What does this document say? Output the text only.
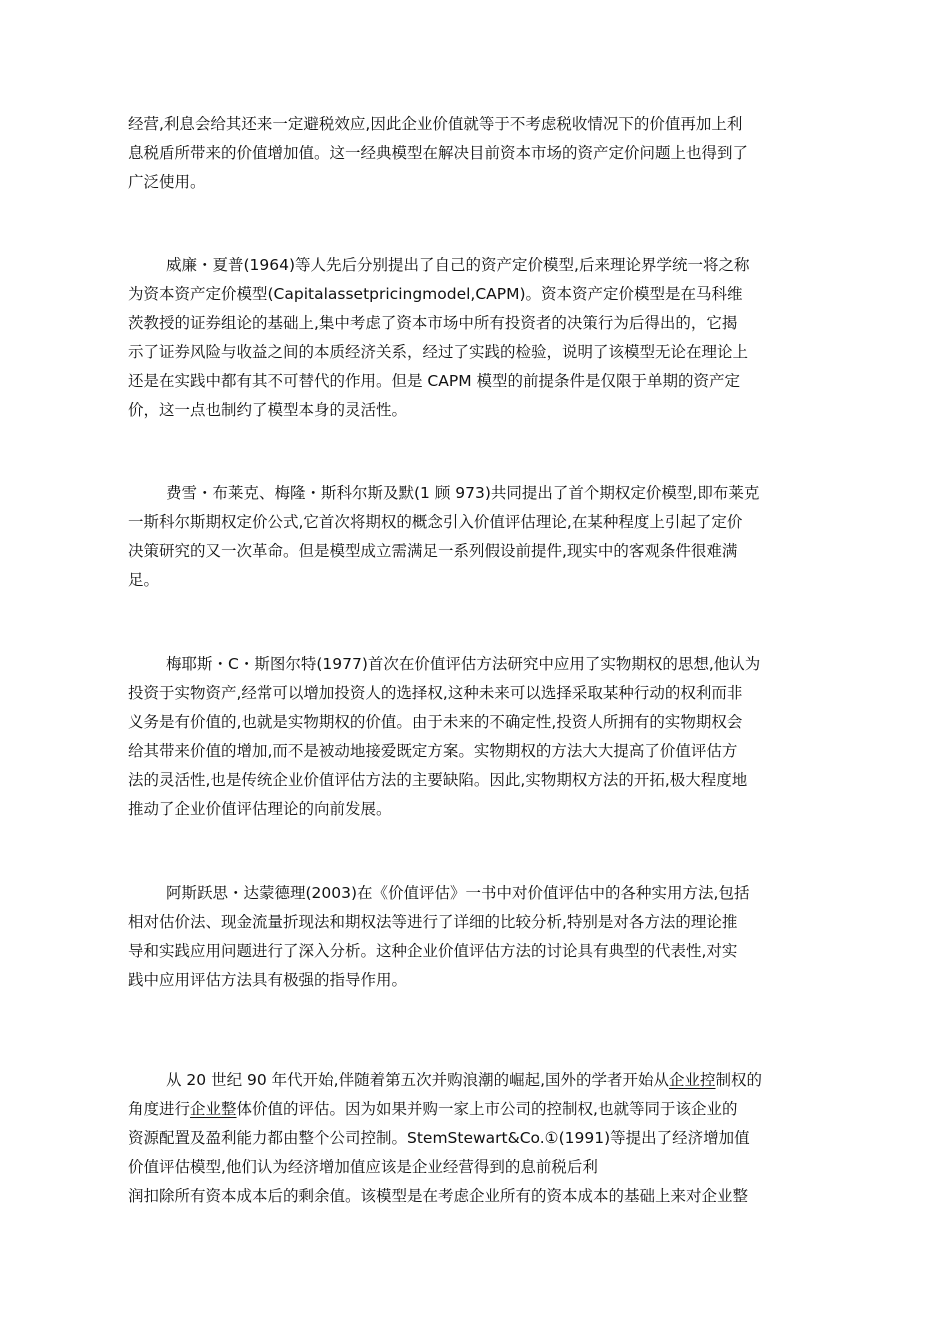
经营,利息会给其还来一定避税效应,因此企业价值就等于不考虑税收情况下的价值再加上利
息税盾所带来的价值增加值。这一经典模型在解决目前资本市场的资产定价问题上也得到了
广泛使用。
威廉・夏普(1964)等人先后分别提出了自己的资产定价模型,后来理论界学统一将之称
为资本资产定价模型(Capitalassetpricingmodel,CAPM)。资本资产定价模型是在马科维
茨教授的证券组论的基础上,集中考虑了资本市场中所有投资者的决策行为后得出的，它揭
示了证券风险与收益之间的本质经济关系，经过了实践的检验，说明了该模型无论在理论上
还是在实践中都有其不可替代的作用。但是 CAPM 模型的前提条件是仅限于单期的资产定
价，这一点也制约了模型本身的灵活性。
费雪・布莱克、梅隆・斯科尔斯及默(1 顾 973)共同提出了首个期权定价模型,即布莱克
一斯科尔斯期权定价公式,它首次将期权的概念引入价值评估理论,在某种程度上引起了定价
决策研究的又一次革命。但是模型成立需满足一系列假设前提件,现实中的客观条件很难满
足。
梅耶斯・C・斯图尔特(1977)首次在价值评估方法研究中应用了实物期权的思想,他认为
投资于实物资产,经常可以增加投资人的选择权,这种未来可以选择采取某种行动的权利而非
义务是有价值的,也就是实物期权的价值。由于未来的不确定性,投资人所拥有的实物期权会
给其带来价值的增加,而不是被动地接爱既定方案。实物期权的方法大大提高了价值评估方
法的灵活性,也是传统企业价值评估方法的主要缺陷。因此,实物期权方法的开拓,极大程度地
推动了企业价值评估理论的向前发展。
阿斯跃思・达蒙德理(2003)在《价值评估》一书中对价值评估中的各种实用方法,包括
相对估价法、现金流量折现法和期权法等进行了详细的比较分析,特别是对各方法的理论推
导和实践应用问题进行了深入分析。这种企业价值评估方法的讨论具有典型的代表性,对实
践中应用评估方法具有极强的指导作用。
从 20 世纪 90 年代开始,伴随着第五次并购浪潮的崛起,国外的学者开始从企业控制权的
角度进行企业整体价值的评估。因为如果并购一家上市公司的控制权,也就等同于该企业的
资源配置及盈利能力都由整个公司控制。StemStewart&Co.①(1991)等提出了经济增加值
价值评估模型,他们认为经济增加值应该是企业经营得到的息前税后利
润扣除所有资本成本后的剩余值。该模型是在考虑企业所有的资本成本的基础上来对企业整
